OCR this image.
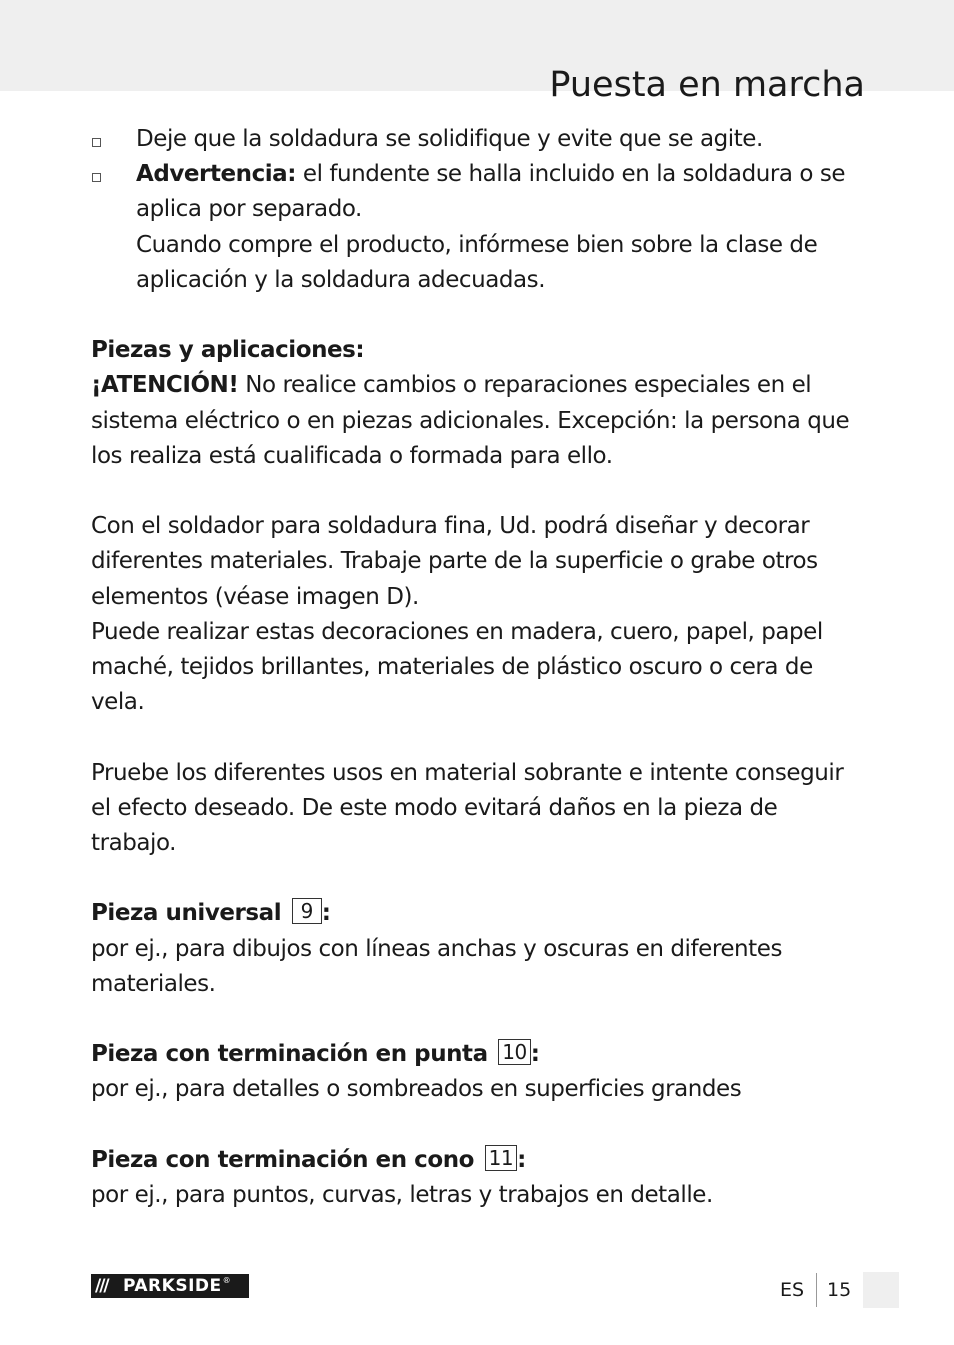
Puesta en marcha
Deje que la soldadura se solidifique y evite que se agite.
Advertencia: el fundente se halla incluido en la soldadura o se aplica por separado.
Cuando compre el producto, infórmese bien sobre la clase de aplicación y la soldadura adecuadas.

Piezas y aplicaciones:

¡ATENCIÓN! No realice cambios o reparaciones especiales en el sistema eléctrico o en piezas adicionales. Excepción: la persona que los realiza está cualificada o formada para ello.

Con el soldador para soldadura fina, Ud. podrá diseñar y decorar diferentes materiales. Trabaje parte de la superficie o grabe otros elementos (véase imagen D).

Puede realizar estas decoraciones en madera, cuero, papel, papel maché, tejidos brillantes, materiales de plástico oscuro o cera de vela.

Pruebe los diferentes usos en material sobrante e intente conseguir el efecto deseado. De este modo evitará daños en la pieza de trabajo.

Pieza universal 9 :

por ej., para dibujos con líneas anchas y oscuras en diferentes materiales.

Pieza con terminación en punta 10 :

por ej., para detalles o sombreados en superficies grandes

Pieza con terminación en cono 11 :

por ej., para puntos, curvas, letras y trabajos en detalle.

/// PARKSIDE ®	ES 15
